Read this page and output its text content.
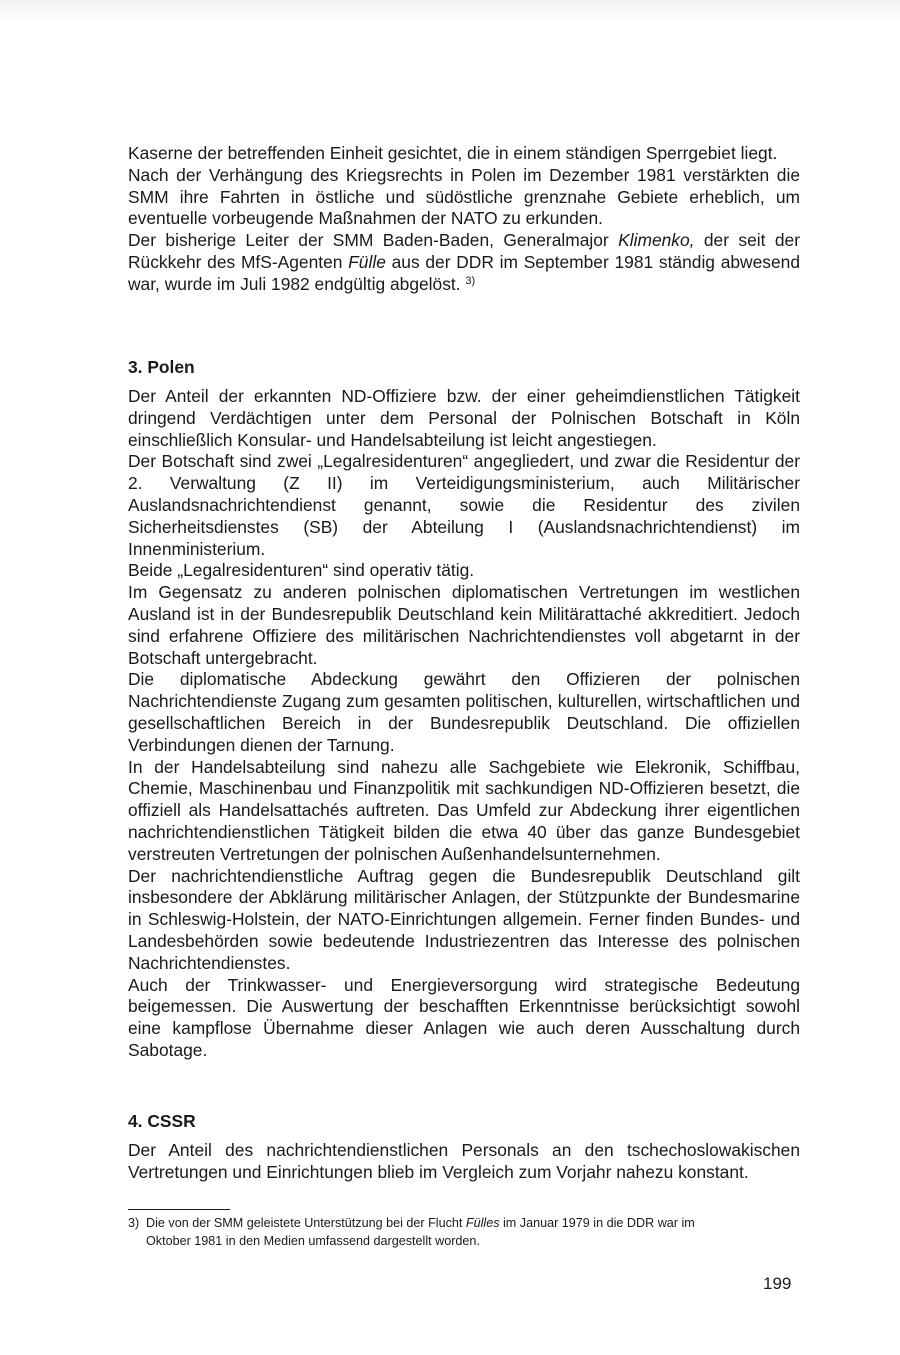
Kaserne der betreffenden Einheit gesichtet, die in einem ständigen Sperrgebiet liegt.

Nach der Verhängung des Kriegsrechts in Polen im Dezember 1981 verstärkten die SMM ihre Fahrten in östliche und südöstliche grenznahe Gebiete erheblich, um eventuelle vorbeugende Maßnahmen der NATO zu erkunden.

Der bisherige Leiter der SMM Baden-Baden, Generalmajor Klimenko, der seit der Rückkehr des MfS-Agenten Fülle aus der DDR im September 1981 ständig abwesend war, wurde im Juli 1982 endgültig abgelöst. $^{3)}$

3. Polen

Der Anteil der erkannten ND-Offiziere bzw. der einer geheimdienstlichen Tätigkeit dringend Verdächtigen unter dem Personal der Polnischen Botschaft in Köln einschließlich Konsular- und Handelsabteilung ist leicht angestiegen.

Der Botschaft sind zwei „Legalresidenturen“ angegliedert, und zwar die Residentur der 2. Verwaltung (Z II) im Verteidigungsministerium, auch Militärischer Auslandsnachrichtendienst genannt, sowie die Residentur des zivilen Sicherheitsdienstes (SB) der Abteilung I (Auslandsnachrichtendienst) im Innenministerium.

Beide „Legalresidenturen“ sind operativ tätig.

Im Gegensatz zu anderen polnischen diplomatischen Vertretungen im westlichen Ausland ist in der Bundesrepublik Deutschland kein Militärattaché akkreditiert. Jedoch sind erfahrene Offiziere des militärischen Nachrichtendienstes voll abgetarnt in der Botschaft untergebracht.

Die diplomatische Abdeckung gewährt den Offizieren der polnischen Nachrichtendienste Zugang zum gesamten politischen, kulturellen, wirtschaftlichen und gesellschaftlichen Bereich in der Bundesrepublik Deutschland. Die offiziellen Verbindungen dienen der Tarnung.

In der Handelsabteilung sind nahezu alle Sachgebiete wie Elekronik, Schiffbau, Chemie, Maschinenbau und Finanzpolitik mit sachkundigen ND-Offizieren besetzt, die offiziell als Handelsattachés auftreten. Das Umfeld zur Abdeckung ihrer eigentlichen nachrichtendienstlichen Tätigkeit bilden die etwa 40 über das ganze Bundesgebiet verstreuten Vertretungen der polnischen Außenhandelsunternehmen.

Der nachrichtendienstliche Auftrag gegen die Bundesrepublik Deutschland gilt insbesondere der Abklärung militärischer Anlagen, der Stützpunkte der Bundesmarine in Schleswig-Holstein, der NATO-Einrichtungen allgemein. Ferner finden Bundes- und Landesbehörden sowie bedeutende Industriezentren das Interesse des polnischen Nachrichtendienstes.

Auch der Trinkwasser- und Energieversorgung wird strategische Bedeutung beigemessen. Die Auswertung der beschafften Erkenntnisse berücksichtigt sowohl eine kampflose Übernahme dieser Anlagen wie auch deren Ausschaltung durch Sabotage.

4. CSSR

Der Anteil des nachrichtendienstlichen Personals an den tschechoslowakischen Vertretungen und Einrichtungen blieb im Vergleich zum Vorjahr nahezu konstant.

3) Die von der SMM geleistete Unterstützung bei der Flucht Fülles im Januar 1979 in die DDR war im
Oktober 1981 in den Medien umfassend dargestellt worden.
199
